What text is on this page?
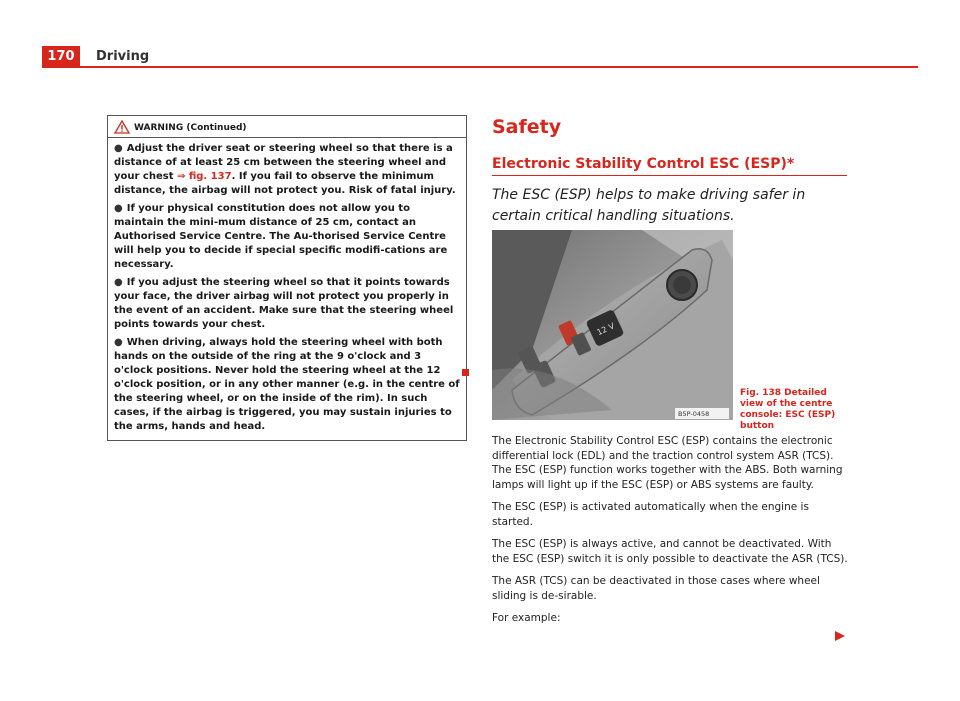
170	Driving
WARNING (Continued)

● Adjust the driver seat or steering wheel so that there is a distance of at least 25 cm between the steering wheel and your chest ⇒ fig. 137. If you fail to observe the minimum distance, the airbag will not protect you. Risk of fatal injury.

● If your physical constitution does not allow you to maintain the mini-mum distance of 25 cm, contact an Authorised Service Centre. The Au-thorised Service Centre will help you to decide if special specific modifi-cations are necessary.

● If you adjust the steering wheel so that it points towards your face, the driver airbag will not protect you properly in the event of an accident. Make sure that the steering wheel points towards your chest.

● When driving, always hold the steering wheel with both hands on the outside of the ring at the 9 o'clock and 3 o'clock positions. Never hold the steering wheel at the 12 o'clock position, or in any other manner (e.g. in the centre of the steering wheel, or on the inside of the rim). In such cases, if the airbag is triggered, you may sustain injuries to the arms, hands and head.

Safety
Electronic Stability Control ESC (ESP)*
The ESC (ESP) helps to make driving safer in certain critical handling situations.
12 V
B5P-0458
Fig. 138 Detailed view of the centre console: ESC (ESP) button

The Electronic Stability Control ESC (ESP) contains the electronic differential lock (EDL) and the traction control system ASR (TCS). The ESC (ESP) function works together with the ABS. Both warning lamps will light up if the ESC (ESP) or ABS systems are faulty.

The ESC (ESP) is activated automatically when the engine is started.

The ESC (ESP) is always active, and cannot be deactivated. With the ESC (ESP) switch it is only possible to deactivate the ASR (TCS).

The ASR (TCS) can be deactivated in those cases where wheel sliding is de-sirable.

For example:
